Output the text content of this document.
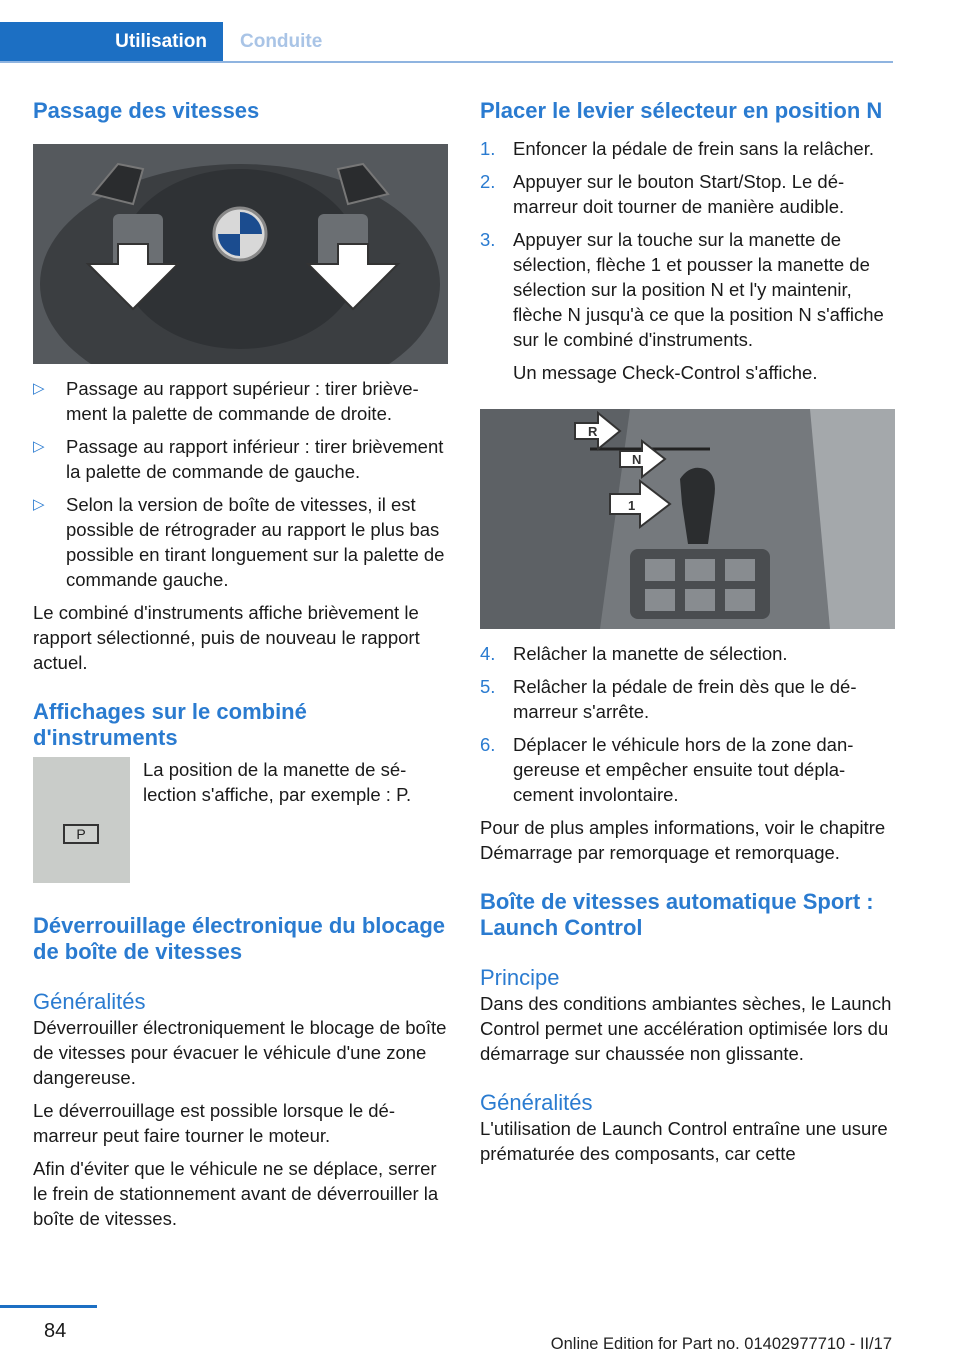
Utilisation	Conduite
Passage des vitesses
▷ Passage au rapport supérieur : tirer brièvement la palette de commande de droite.
▷ Passage au rapport inférieur : tirer brièvement la palette de commande de gauche.
▷ Selon la version de boîte de vitesses, il est possible de rétrograder au rapport le plus bas possible en tirant longuement sur la palette de commande gauche.

Le combiné d'instruments affiche brièvement le rapport sélectionné, puis de nouveau le rapport actuel.

Affichages sur le combiné d'instruments
P

La position de la manette de sélection s'affiche, par exemple : P.

Déverrouillage électronique du blocage de boîte de vitesses
Généralités

Déverrouiller électroniquement le blocage de boîte de vitesses pour évacuer le véhicule d'une zone dangereuse.

Le déverrouillage est possible lorsque le démarreur peut faire tourner le moteur.

Afin d'éviter que le véhicule ne se déplace, serrer le frein de stationnement avant de déverrouiller la boîte de vitesses.

Placer le levier sélecteur en position N
1. Enfoncer la pédale de frein sans la relâcher.
2. Appuyer sur le bouton Start/Stop. Le démarreur doit tourner de manière audible.
3. Appuyer sur la touche sur la manette de sélection, flèche 1 et pousser la manette de sélection sur la position N et l'y maintenir, flèche N jusqu'à ce que la position N s'affiche sur le combiné d'instruments.

Un message Check-Control s'affiche.

R
N
1
4. Relâcher la manette de sélection.
5. Relâcher la pédale de frein dès que le démarreur s'arrête.
6. Déplacer le véhicule hors de la zone dangereuse et empêcher ensuite tout déplacement involontaire.

Pour de plus amples informations, voir le chapitre Démarrage par remorquage et remorquage.

Boîte de vitesses automatique Sport : Launch Control
Principe

Dans des conditions ambiantes sèches, le Launch Control permet une accélération optimisée lors du démarrage sur chaussée non glissante.

Généralités

L'utilisation de Launch Control entraîne une usure prématurée des composants, car cette

84
Online Edition for Part no. 01402977710 - II/17
